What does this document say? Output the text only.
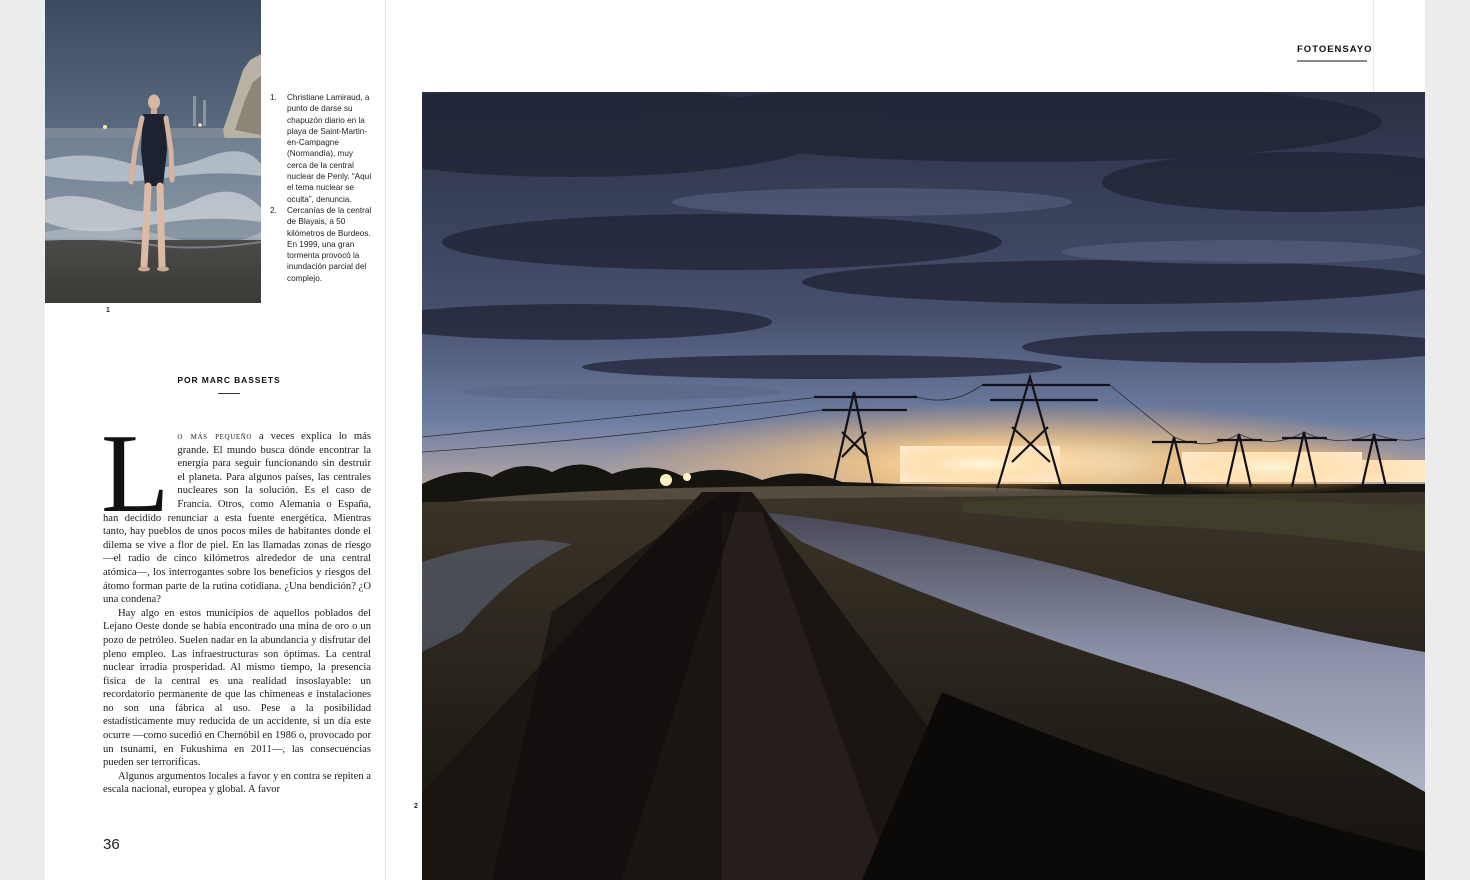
1
1. Christiane Lamiraud, a punto de darse su chapuzón diario en la playa de Saint-Martin-en-Campagne (Normandía), muy cerca de la central nuclear de Penly. “Aquí el tema nuclear se oculta”, denuncia.
2. Cercanías de la central de Blayais, a 50 kilómetros de Burdeos. En 1999, una gran tormenta provocó la inundación parcial del complejo.
POR MARC BASSETS

Lo más pequeño a veces explica lo más grande. El mundo busca dónde encontrar la energía para seguir funcionando sin destruir el planeta. Para algunos países, las centrales nucleares son la solución. Es el caso de Francia. Otros, como Alemania o España, han decidido renunciar a esta fuente energética. Mientras tanto, hay pueblos de unos pocos miles de habitantes donde el dilema se vive a flor de piel. En las llamadas zonas de riesgo —el radio de cinco kilómetros alrededor de una central atómica—, los interrogantes sobre los beneficios y riesgos del átomo forman parte de la rutina cotidiana. ¿Una bendición? ¿O una condena?

Hay algo en estos municipios de aquellos poblados del Lejano Oeste donde se había encontrado una mina de oro o un pozo de petróleo. Suelen nadar en la abundancia y disfrutar del pleno empleo. Las infraestructuras son óptimas. La central nuclear irradia prosperidad. Al mismo tiempo, la presencia física de la central es una realidad insoslayable: un recordatorio permanente de que las chimeneas e instalaciones no son una fábrica al uso. Pese a la posibilidad estadísticamente muy reducida de un accidente, si un día este ocurre —como sucedió en Chernóbil en 1986 o, provocado por un tsunami, en Fukushima en 2011—, las consecuencias pueden ser terroríficas.

Algunos argumentos locales a favor y en contra se repiten a escala nacional, europea y global. A favor

36
FOTOENSAYO
2
